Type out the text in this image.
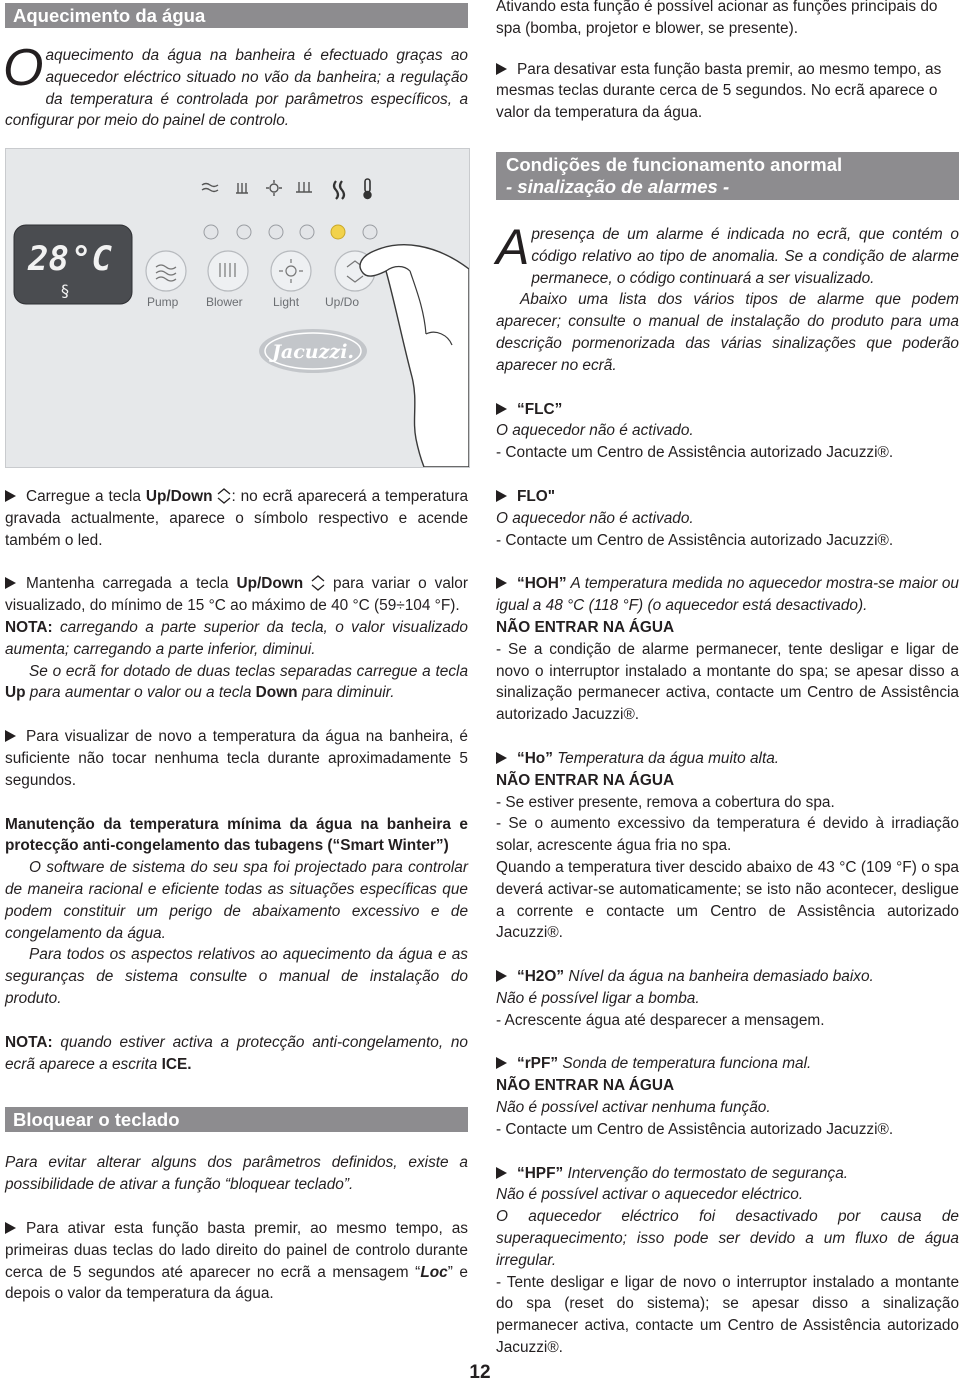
Aquecimento da água

Oaquecimento da água na banheira é efectuado graças ao aquecedor eléctrico situado no vão da banheira; a regulação da temperatura é controlada por parâmetros específicos, a configurar por meio do painel de controlo.

28 °C
§
Pump Blower	Light Up/Do
Jacuzzi.

Carregue a tecla Up/Down : no ecrã aparecerá a temperatura gravada actualmente, aparece o símbolo respectivo e acende também o led.

Mantenha carregada a tecla Up/Down  para variar o valor visualizado, do mínimo de 15 °C ao máximo de 40 °C (59÷104 °F).

NOTA: carregando a parte superior da tecla, o valor visualizado aumenta; carregando a parte inferior, diminui.

Se o ecrã for dotado de duas teclas separadas carregue a tecla Up para aumentar o valor ou a tecla Down para diminuir.

Para visualizar de novo a temperatura da água na banheira, é suficiente não tocar nenhuma tecla durante aproximadamente 5 segundos.

Manutenção da temperatura mínima da água na banheira e protecção anti-congelamento das tubagens (“Smart Winter”)

O software de sistema do seu spa foi projectado para controlar de maneira racional e eficiente todas as situações específicas que podem constituir um perigo de abaixamento excessivo e de congelamento da água.

Para todos os aspectos relativos ao aquecimento da água e as seguranças de sistema consulte o manual de instalação do produto.

NOTA: quando estiver activa a protecção anti-congelamento, no ecrã aparece a escrita ICE.

Bloquear o teclado

Para evitar alterar alguns dos parâmetros definidos, existe a possibilidade de ativar a função “bloquear teclado”.

Para ativar esta função basta premir, ao mesmo tempo, as primeiras duas teclas do lado direito do painel de controlo durante cerca de 5 segundos até aparecer no ecrã a mensagem “Loc” e depois o valor da temperatura da água.

Ativando esta função é possível acionar as funções principais do spa (bomba, projetor e blower, se presente).

Para desativar esta função basta premir, ao mesmo tempo, as mesmas teclas durante cerca de 5 segundos. No ecrã aparece o valor da temperatura da água.

Condições de funcionamento anormal
- sinalização de alarmes -

Apresença de um alarme é indicada no ecrã, que contém o código relativo ao tipo de anomalia. Se a condição de alarme permanece, o código continuará a ser visualizado.

Abaixo uma lista dos vários tipos de alarme que podem aparecer; consulte o manual de instalação do produto para uma descrição pormenorizada das várias sinalizações que poderão aparecer no ecrã.

“FLC”

O aquecedor não é activado.

- Contacte um Centro de Assistência autorizado Jacuzzi®.

FLO"

O aquecedor não é activado.

- Contacte um Centro de Assistência autorizado Jacuzzi®.

“HOH” A temperatura medida no aquecedor mostra-se maior ou igual a 48 °C (118 °F) (o aquecedor está desactivado).

NÃO ENTRAR NA ÁGUA

- Se a condição de alarme permanecer, tente desligar e ligar de novo o interruptor instalado a montante do spa; se apesar disso a sinalização permanecer activa, contacte um Centro de Assistência autorizado Jacuzzi®.

“Ho” Temperatura da água muito alta.

NÃO ENTRAR NA ÁGUA

- Se estiver presente, remova a cobertura do spa.

- Se o aumento excessivo da temperatura é devido à irradiação solar, acrescente água fria no spa.

Quando a temperatura tiver descido abaixo de 43 °C (109 °F) o spa deverá activar-se automaticamente; se isto não acontecer, desligue a corrente e contacte um Centro de Assistência autorizado Jacuzzi®.

“H2O” Nível da água na banheira demasiado baixo.

Não é possível ligar a bomba.

- Acrescente água até desparecer a mensagem.

“rPF” Sonda de temperatura funciona mal.

NÃO ENTRAR NA ÁGUA

Não é possível activar nenhuma função.

- Contacte um Centro de Assistência autorizado Jacuzzi®.

“HPF” Intervenção do termostato de segurança.

Não é possível activar o aquecedor eléctrico.

O aquecedor eléctrico foi desactivado por causa de superaquecimento; isso pode ser devido a um fluxo de água irregular.

- Tente desligar e ligar de novo o interruptor instalado a montante do spa (reset do sistema); se apesar disso a sinalização permanecer activa, contacte um Centro de Assistência autorizado Jacuzzi®.

12
